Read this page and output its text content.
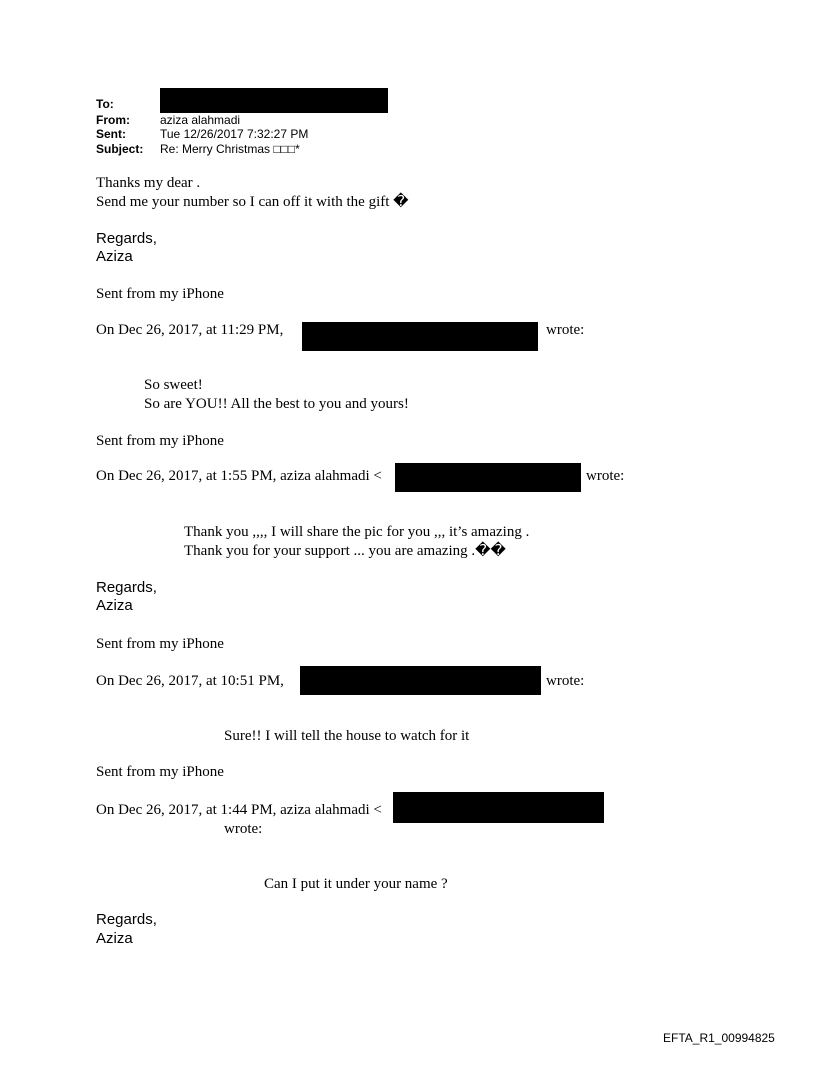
To:
From:	aziza alahmadi
Sent:	Tue 12/26/2017 7:32:27 PM
Subject: Re: Merry Christmas □□□*
Thanks my dear .
Send me your number so I can off it with the gift �
Regards,
Aziza
Sent from my iPhone
On Dec 26, 2017, at 11:29 PM,	wrote:
So sweet!
So are YOU!! All the best to you and yours!
Sent from my iPhone
On Dec 26, 2017, at 1:55 PM, aziza alahmadi <	wrote:
Thank you ,,,, I will share the pic for you ,,, it’s amazing .
Thank you for your support ... you are amazing .��
Regards,
Aziza
Sent from my iPhone
On Dec 26, 2017, at 10:51 PM,	wrote:
Sure!! I will tell the house to watch for it
Sent from my iPhone
On Dec 26, 2017, at 1:44 PM, aziza alahmadi <
wrote:
Can I put it under your name ?
Regards,
Aziza
EFTA_R1_00994825
